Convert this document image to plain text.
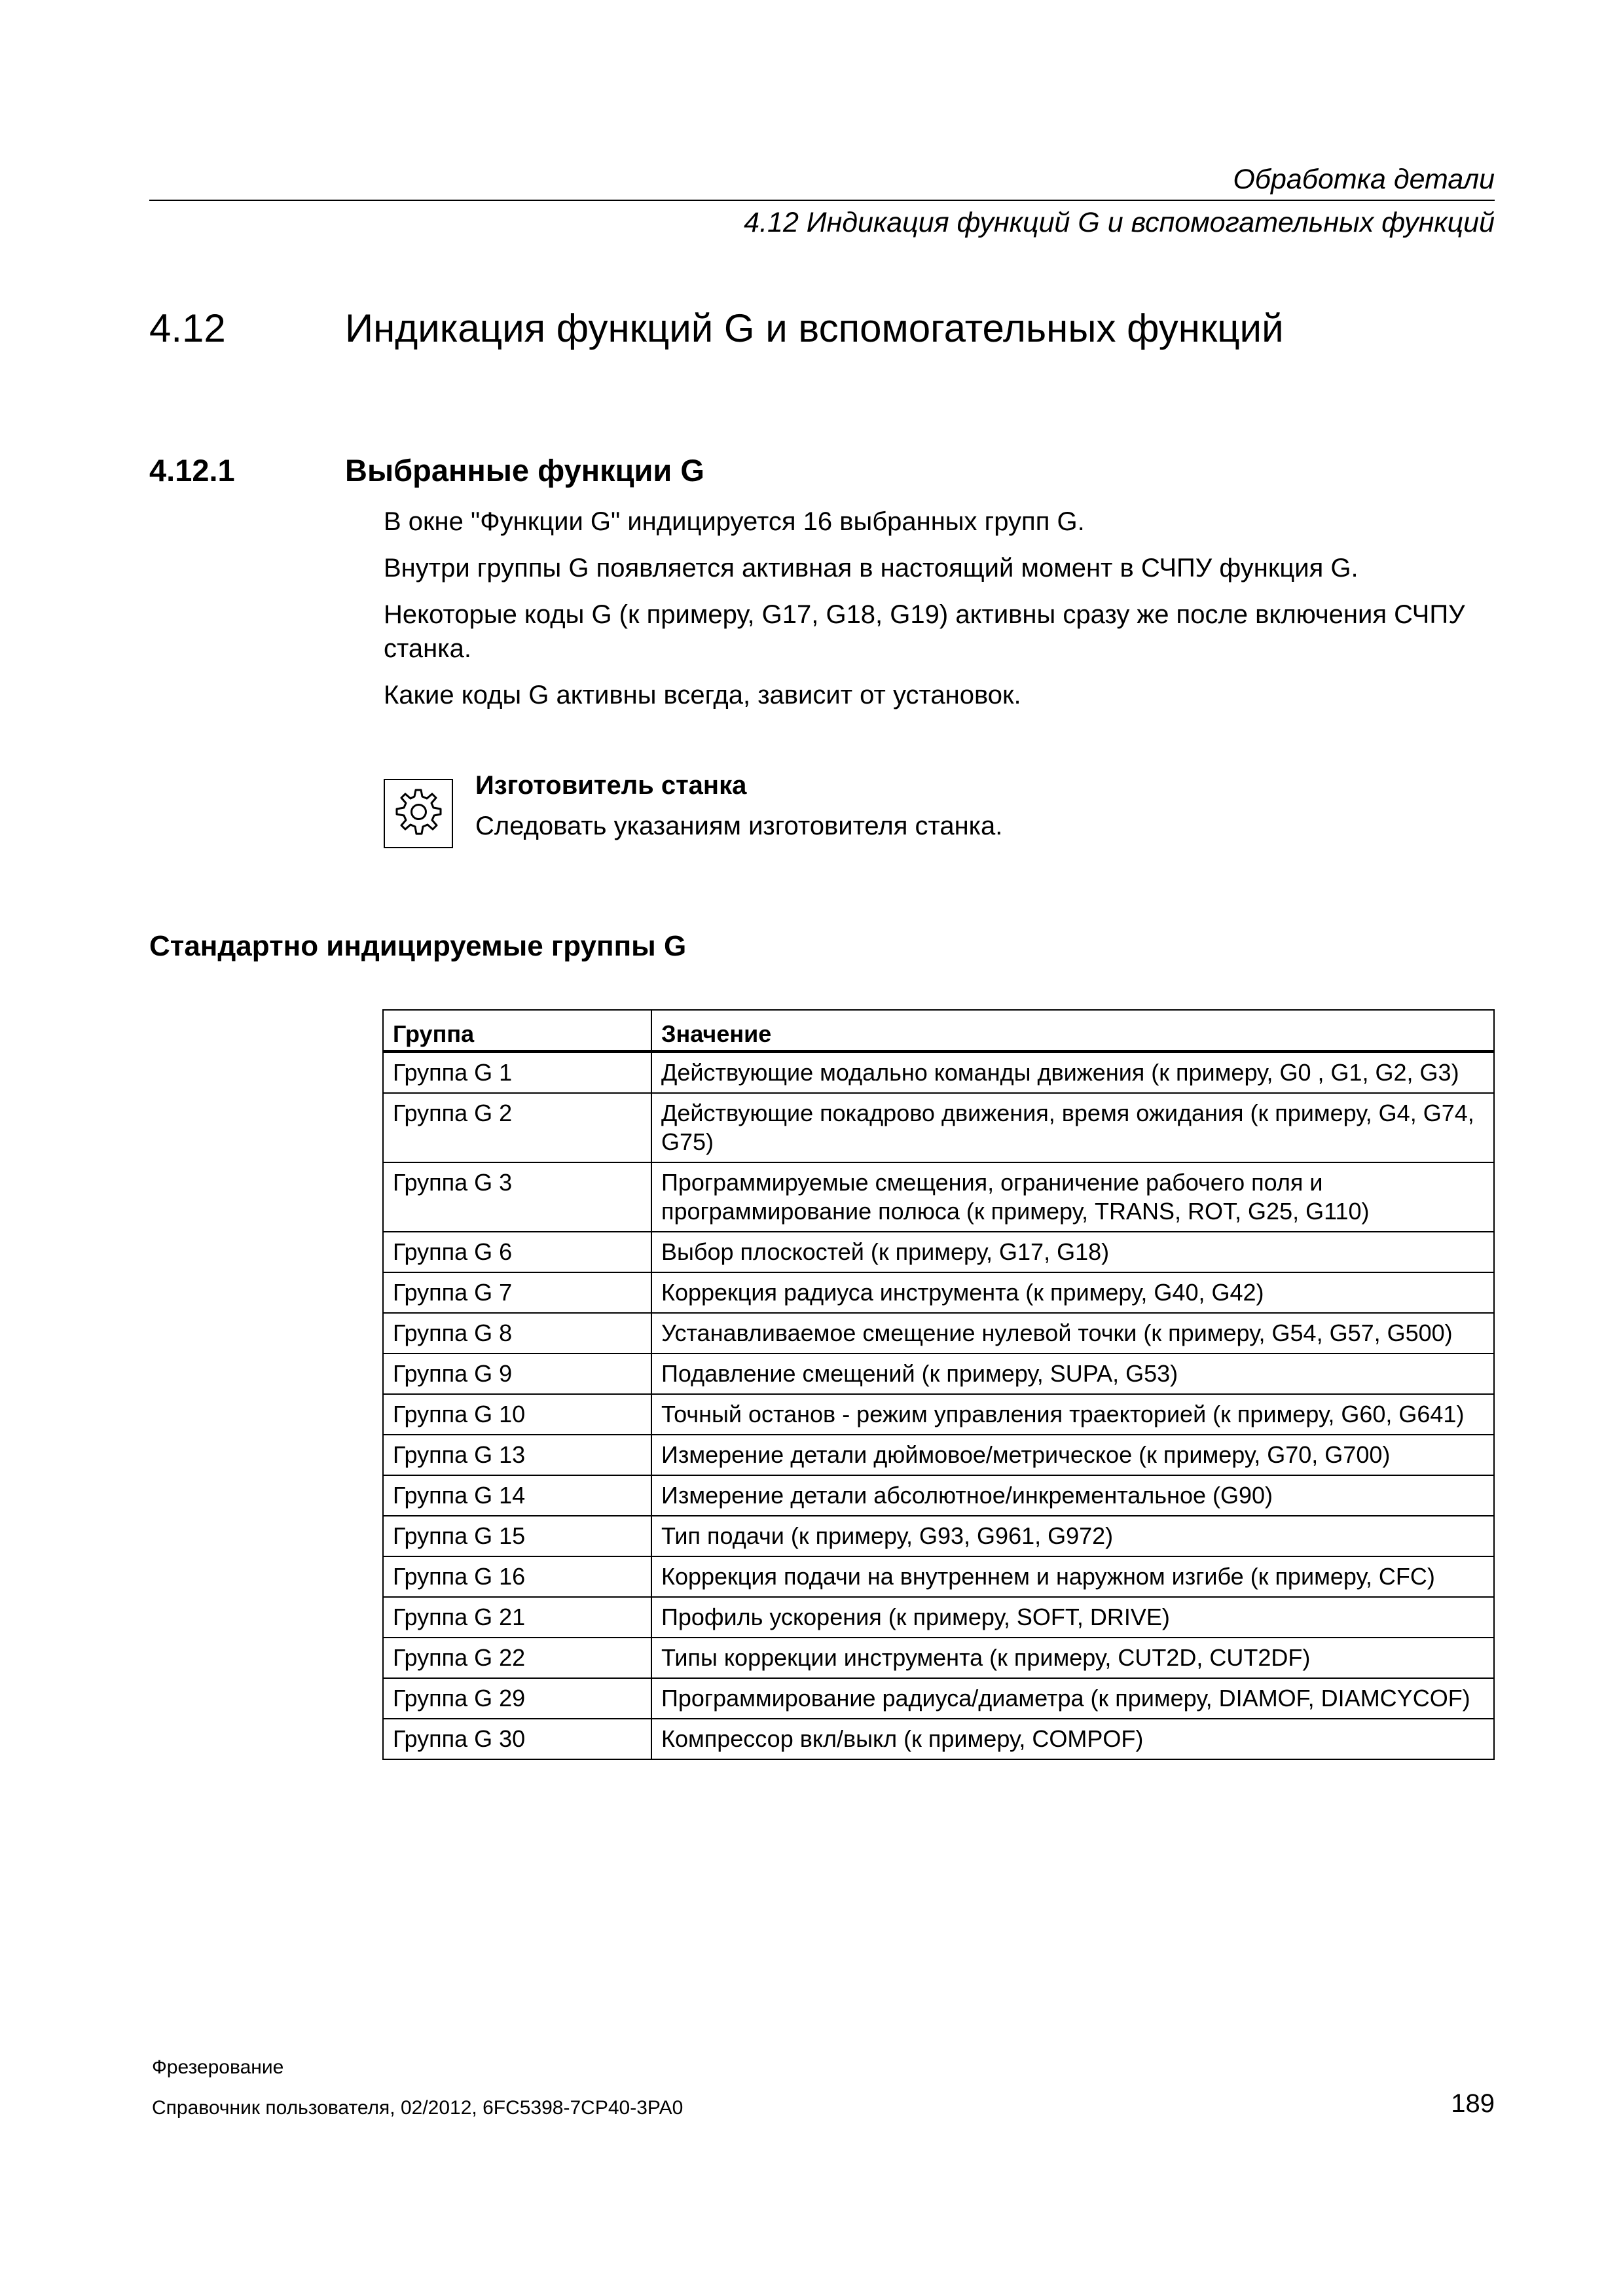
Обработка детали
4.12 Индикация функций G и вспомогательных функций
4.12	Индикация функций G и вспомогательных функций
4.12.1	Выбранные функции G

В окне "Функции G" индицируется 16 выбранных групп G.

Внутри группы G появляется активная в настоящий момент в СЧПУ функция G.

Некоторые коды G (к примеру, G17, G18, G19) активны сразу же после включения СЧПУ станка.

Какие коды G активны всегда, зависит от установок.

Изготовитель станка
Следовать указаниям изготовителя станка.
Стандартно индицируемые группы G
Группа	Значение
Группа G 1	Действующие модально команды движения (к примеру, G0 , G1, G2, G3)
Группа G 2	Действующие покадрово движения, время ожидания (к примеру, G4, G74, G75)
Группа G 3	Программируемые смещения, ограничение рабочего поля и программирование полюса (к примеру, TRANS, ROT, G25, G110)
Группа G 6	Выбор плоскостей (к примеру, G17, G18)
Группа G 7	Коррекция радиуса инструмента (к примеру, G40, G42)
Группа G 8	Устанавливаемое смещение нулевой точки (к примеру, G54, G57, G500)
Группа G 9	Подавление смещений (к примеру, SUPA, G53)
Группа G 10	Точный останов - режим управления траекторией (к примеру, G60, G641)
Группа G 13	Измерение детали дюймовое/метрическое (к примеру, G70, G700)
Группа G 14	Измерение детали абсолютное/инкрементальное (G90)
Группа G 15	Тип подачи (к примеру, G93, G961, G972)
Группа G 16	Коррекция подачи на внутреннем и наружном изгибе (к примеру, CFC)
Группа G 21	Профиль ускорения (к примеру, SOFT, DRIVE)
Группа G 22	Типы коррекции инструмента (к примеру, CUT2D, CUT2DF)
Группа G 29	Программирование радиуса/диаметра (к примеру, DIAMOF, DIAMCYCOF)
Группа G 30	Компрессор вкл/выкл (к примеру, COMPOF)
Фрезерование
Справочник пользователя, 02/2012, 6FC5398-7CP40-3PA0	189
